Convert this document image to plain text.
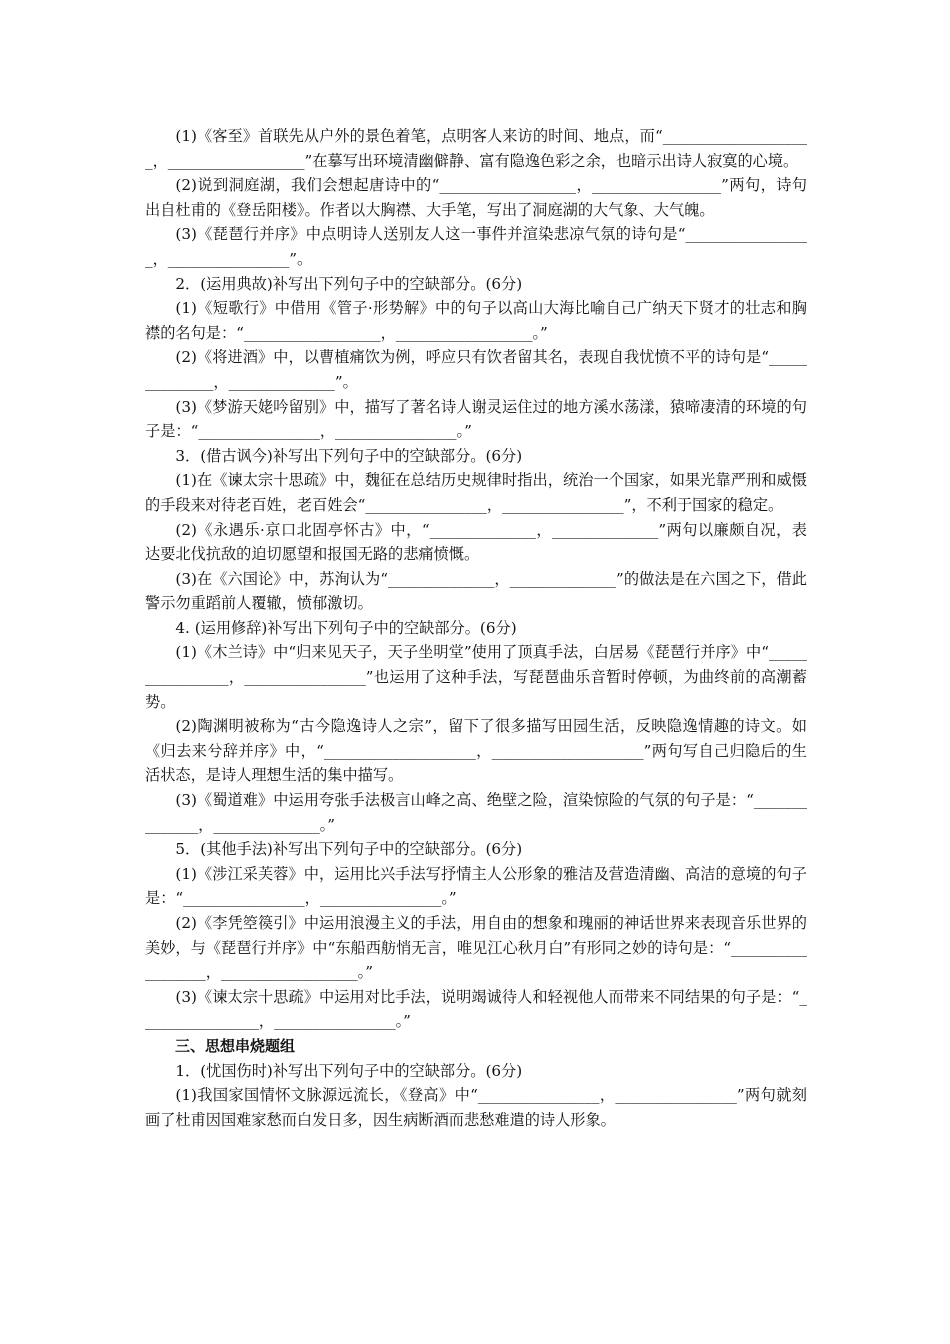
(1)《客至》首联先从户外的景色着笔，点明客人来访的时间、地点，而“____________________，__________________”在摹写出环境清幽僻静、富有隐逸色彩之余，也暗示出诗人寂寞的心境。

(2)说到洞庭湖，我们会想起唐诗中的“__________________，_________________”两句，诗句出自杜甫的《登岳阳楼》。作者以大胸襟、大手笔，写出了洞庭湖的大气象、大气魄。

(3)《琵琶行并序》中点明诗人送别友人这一事件并渲染悲凉气氛的诗句是“_________________，________________”。

2．(运用典故)补写出下列句子中的空缺部分。(6分)

(1)《短歌行》中借用《管子·形势解》中的句子以高山大海比喻自己广纳天下贤才的壮志和胸襟的名句是：“__________________，__________________。”

(2)《将进酒》中，以曹植痛饮为例，呼应只有饮者留其名，表现自我忧愤不平的诗句是“______________，______________”。

(3)《梦游天姥吟留别》中，描写了著名诗人谢灵运住过的地方溪水荡漾，猿啼凄清的环境的句子是：“________________，________________。”

3．(借古讽今)补写出下列句子中的空缺部分。(6分)

(1)在《谏太宗十思疏》中，魏征在总结历史规律时指出，统治一个国家，如果光靠严刑和威慑的手段来对待老百姓，老百姓会“________________，________________”，不利于国家的稳定。

(2)《永遇乐·京口北固亭怀古》中，“______________，______________”两句以廉颇自况，表达要北伐抗敌的迫切愿望和报国无路的悲痛愤慨。

(3)在《六国论》中，苏洵认为“______________，______________”的做法是在六国之下，借此警示勿重蹈前人覆辙，愤郁激切。

4. (运用修辞)补写出下列句子中的空缺部分。(6分)

(1)《木兰诗》中“归来见天子，天子坐明堂”使用了顶真手法，白居易《琵琶行并序》中“________________，________________”也运用了这种手法，写琵琶曲乐音暂时停顿，为曲终前的高潮蓄势。

(2)陶渊明被称为“古今隐逸诗人之宗”，留下了很多描写田园生活，反映隐逸情趣的诗文。如《归去来兮辞并序》中，“____________________，____________________”两句写自己归隐后的生活状态，是诗人理想生活的集中描写。

(3)《蜀道难》中运用夸张手法极言山峰之高、绝壁之险，渲染惊险的气氛的句子是：“______________，______________。”

5．(其他手法)补写出下列句子中的空缺部分。(6分)

(1)《涉江采芙蓉》中，运用比兴手法写抒情主人公形象的雅洁及营造清幽、高洁的意境的句子是：“________________，________________。”

(2)《李凭箜篌引》中运用浪漫主义的手法，用自由的想象和瑰丽的神话世界来表现音乐世界的美妙，与《琵琶行并序》中“东船西舫悄无言，唯见江心秋月白”有形同之妙的诗句是：“__________________，__________________。”

(3)《谏太宗十思疏》中运用对比手法，说明竭诚待人和轻视他人而带来不同结果的句子是：“________________，________________。”

三、思想串烧题组

1．(忧国伤时)补写出下列句子中的空缺部分。(6分)

(1)我国家国情怀文脉源远流长，《登高》中“________________，________________”两句就刻画了杜甫因国难家愁而白发日多，因生病断酒而悲愁难遣的诗人形象。
